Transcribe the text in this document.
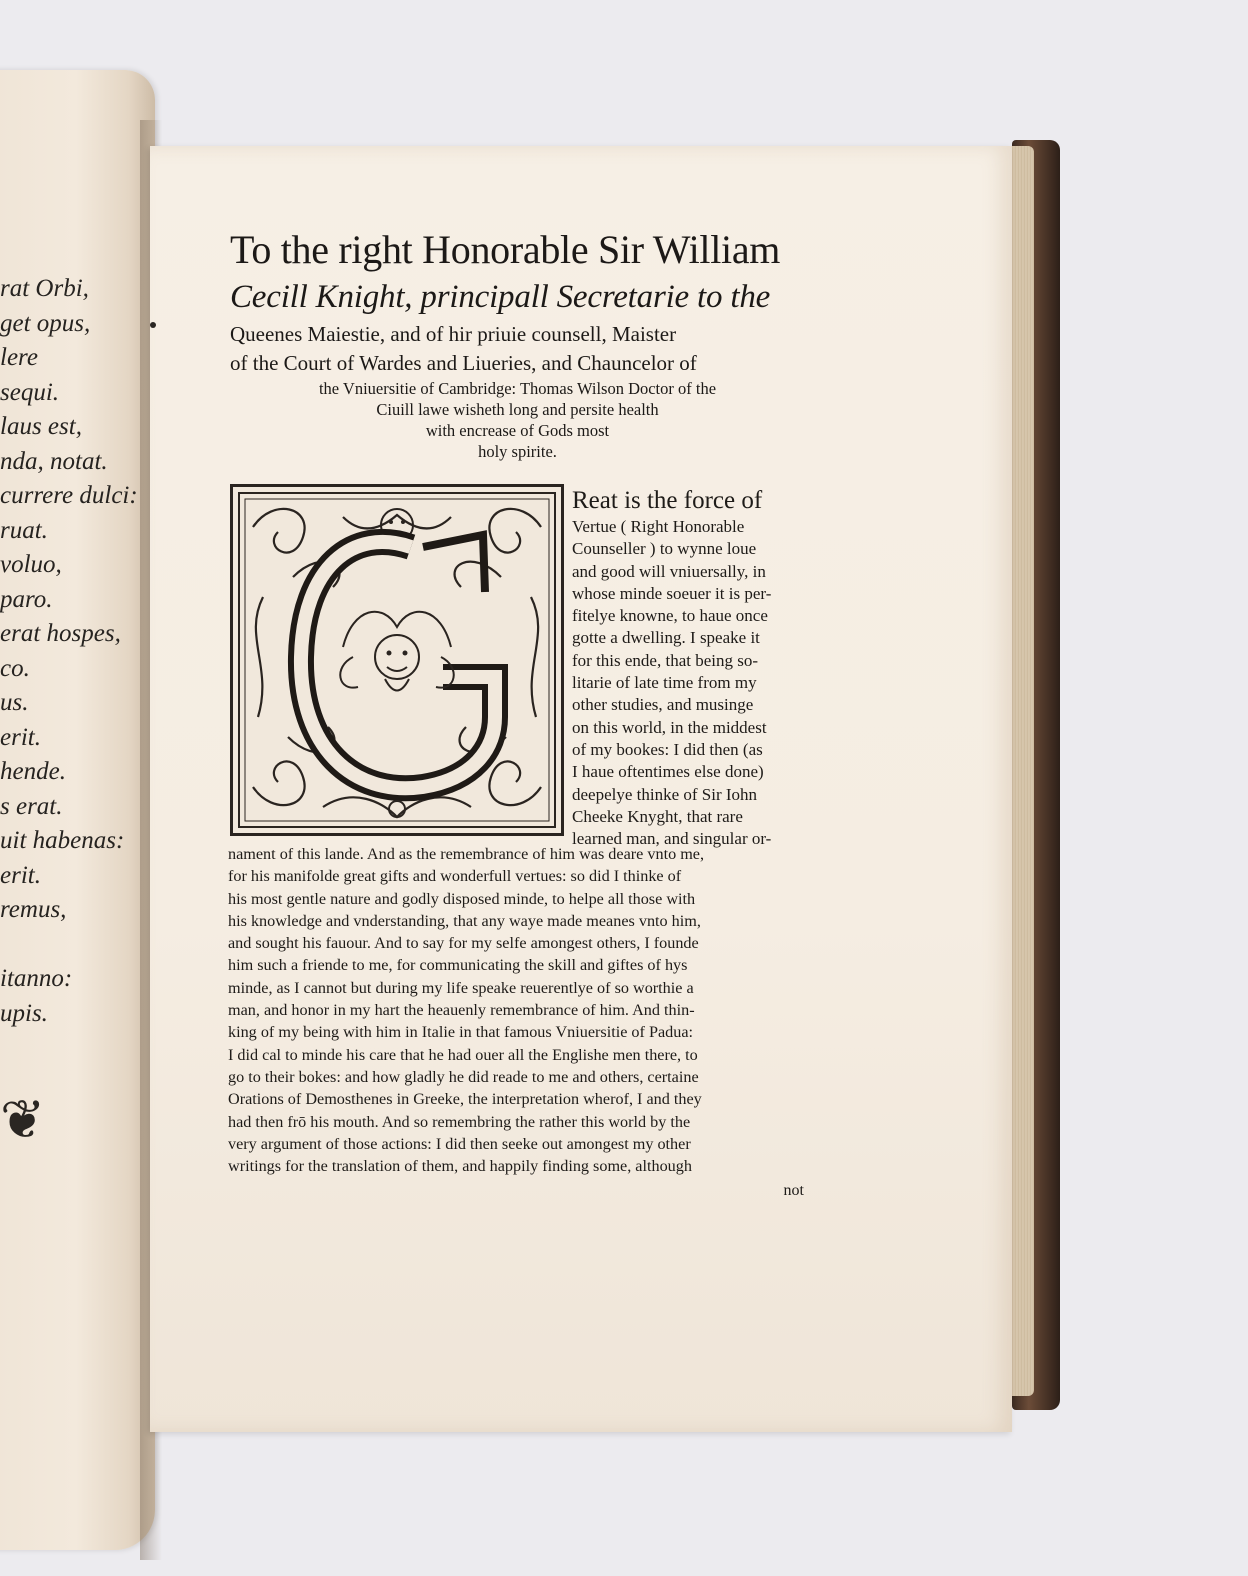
rat Orbi,
get opus,
lere
sequi.
laus est,
nda, notat.
currere dulci:
ruat.
voluo,
paro.
erat hospes,
co.
us.
erit.
hende.
s erat.
uit habenas:
erit.
remus,
itanno:
upis.
❦
To the right Honorable Sir William
Cecill Knight, principall Secretarie to the
Queenes Maiestie, and of hir priuie counsell, Maister
of the Court of Wardes and Liueries, and Chauncelor of
the Vniuersitie of Cambridge: Thomas Wilson Doctor of the
Ciuill lawe wisheth long and persite health
with encrease of Gods most
holy spirite.
Reat is the force of
Vertue ( Right Honorable
Counseller ) to wynne loue
and good will vniuersally, in
whose minde soeuer it is per-
fitelye knowne, to haue once
gotte a dwelling. I speake it
for this ende, that being so-
litarie of late time from my
other studies, and musinge
on this world, in the middest
of my bookes: I did then (as
I haue oftentimes else done)
deepelye thinke of Sir Iohn
Cheeke Knyght, that rare
learned man, and singular or-
nament of this lande. And as the remembrance of him was deare vnto me,
for his manifolde great gifts and wonderfull vertues: so did I thinke of
his most gentle nature and godly disposed minde, to helpe all those with
his knowledge and vnderstanding, that any waye made meanes vnto him,
and sought his fauour. And to say for my selfe amongest others, I founde
him such a friende to me, for communicating the skill and giftes of hys
minde, as I cannot but during my life speake reuerentlye of so worthie a
man, and honor in my hart the heauenly remembrance of him. And thin-
king of my being with him in Italie in that famous Vniuersitie of Padua:
I did cal to minde his care that he had ouer all the Englishe men there, to
go to their bokes: and how gladly he did reade to me and others, certaine
Orations of Demosthenes in Greeke, the interpretation wherof, I and they
had then frō his mouth. And so remembring the rather this world by the
very argument of those actions: I did then seeke out amongest my other
writings for the translation of them, and happily finding some, although
not
